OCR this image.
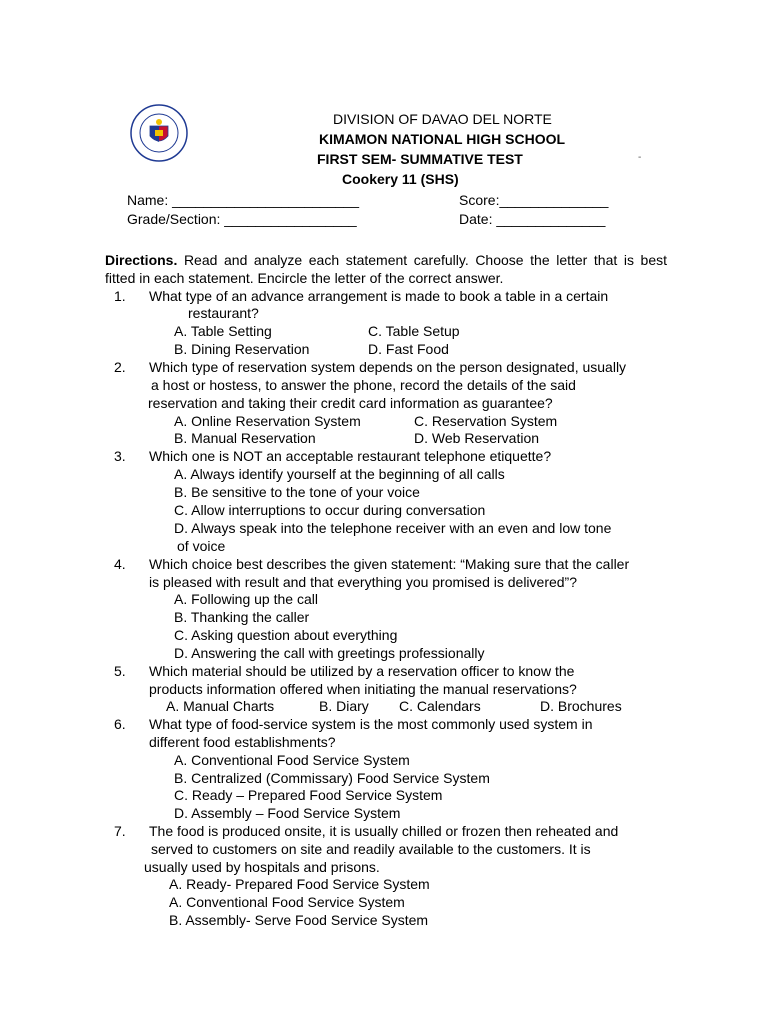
DIVISION OF DAVAO DEL NORTE
KIMAMON NATIONAL HIGH SCHOOL
FIRST SEM- SUMMATIVE TEST	-
Cookery 11 (SHS)
Name: ________________________	Score:______________
Grade/Section: _________________	Date: ______________
Directions. Read and analyze each statement carefully. Choose the letter that is best fitted in each statement. Encircle the letter of the correct answer.
1. What type of an advance arrangement is made to book a table in a certain
restaurant?
A. Table Setting	C. Table Setup
B. Dining Reservation	D. Fast Food
2. Which type of reservation system depends on the person designated, usually
a host or hostess, to answer the phone, record the details of the said
reservation and taking their credit card information as guarantee?
A. Online Reservation System	C. Reservation System
B. Manual Reservation	D. Web Reservation
3. Which one is NOT an acceptable restaurant telephone etiquette?
A. Always identify yourself at the beginning of all calls
B. Be sensitive to the tone of your voice
C. Allow interruptions to occur during conversation
D. Always speak into the telephone receiver with an even and low tone
of voice
4. Which choice best describes the given statement: “Making sure that the caller
is pleased with result and that everything you promised is delivered”?
A. Following up the call
B. Thanking the caller
C. Asking question about everything
D. Answering the call with greetings professionally
5. Which material should be utilized by a reservation officer to know the
products information offered when initiating the manual reservations?
A. Manual Charts	B. Diary C. Calendars	D. Brochures
6. What type of food-service system is the most commonly used system in
different food establishments?
A. Conventional Food Service System
B. Centralized (Commissary) Food Service System
C. Ready – Prepared Food Service System
D. Assembly – Food Service System
7. The food is produced onsite, it is usually chilled or frozen then reheated and
served to customers on site and readily available to the customers. It is
usually used by hospitals and prisons.
A. Ready- Prepared Food Service System
A. Conventional Food Service System
B. Assembly- Serve Food Service System
